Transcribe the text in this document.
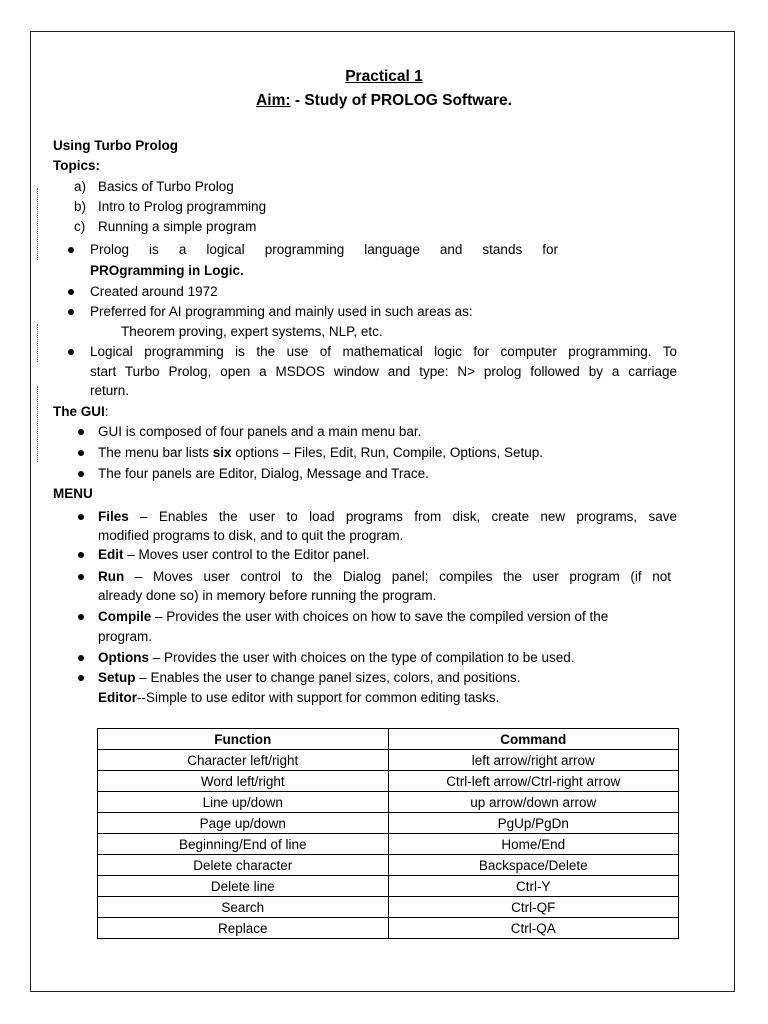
Practical 1
Aim: - Study of PROLOG Software.
Using Turbo Prolog
Topics:
a) Basics of Turbo Prolog
b) Intro to Prolog programming
c) Running a simple program
Prolog is a logical programming language and stands for
PROgramming in Logic.
Created around 1972
Preferred for AI programming and mainly used in such areas as:
Theorem proving, expert systems, NLP, etc.
Logical programming is the use of mathematical logic for computer programming. To
start Turbo Prolog, open a MSDOS window and type: N> prolog followed by a carriage
return.
The GUI:
GUI is composed of four panels and a main menu bar.
The menu bar lists six options – Files, Edit, Run, Compile, Options, Setup.
The four panels are Editor, Dialog, Message and Trace.
MENU
Files – Enables the user to load programs from disk, create new programs, save
modified programs to disk, and to quit the program.
Edit – Moves user control to the Editor panel.
Run – Moves user control to the Dialog panel; compiles the user program (if not
already done so) in memory before running the program.
Compile – Provides the user with choices on how to save the compiled version of the
program.
Options – Provides the user with choices on the type of compilation to be used.
Setup – Enables the user to change panel sizes, colors, and positions.
Editor--Simple to use editor with support for common editing tasks.
Function	Command
Character left/right	left arrow/right arrow
Word left/right	Ctrl-left arrow/Ctrl-right arrow
Line up/down	up arrow/down arrow
Page up/down	PgUp/PgDn
Beginning/End of line	Home/End
Delete character	Backspace/Delete
Delete line	Ctrl-Y
Search	Ctrl-QF
Replace	Ctrl-QA
